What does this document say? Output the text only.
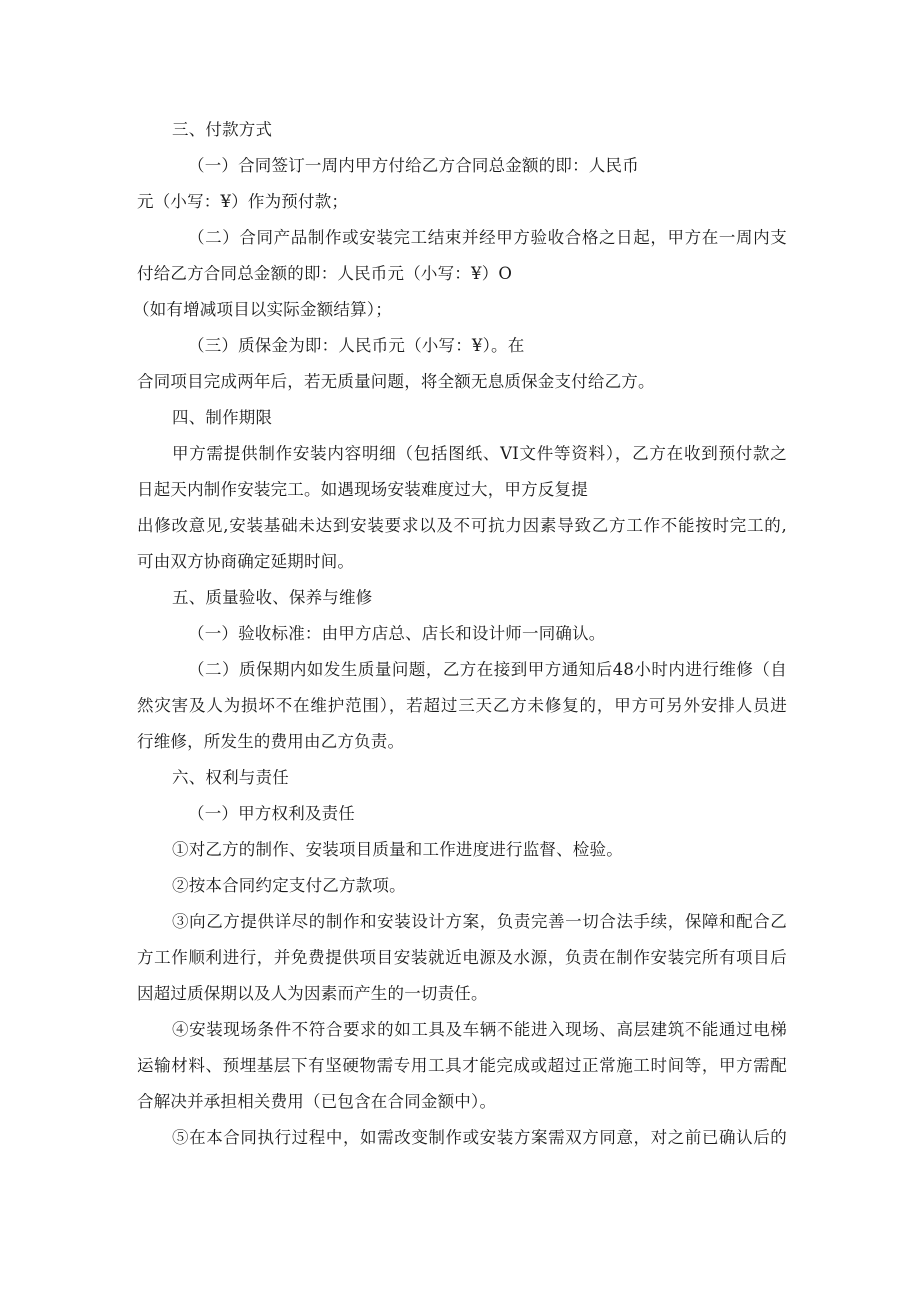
三、付款方式
（一）合同签订一周内甲方付给乙方合同总金额的即：人民币
元（小写：¥）作为预付款；
（二）合同产品制作或安装完工结束并经甲方验收合格之日起，甲方在一周内支
付给乙方合同总金额的即：人民币元（小写：¥）O
（如有增减项目以实际金额结算）；
（三）质保金为即：人民币元（小写：¥）。在
合同项目完成两年后，若无质量问题，将全额无息质保金支付给乙方。
四、制作期限
甲方需提供制作安装内容明细（包括图纸、VI文件等资料），乙方在收到预付款之
日起天内制作安装完工。如遇现场安装难度过大，甲方反复提
出修改意见,安装基础未达到安装要求以及不可抗力因素导致乙方工作不能按时完工的,
可由双方协商确定延期时间。
五、质量验收、保养与维修
（一）验收标准：由甲方店总、店长和设计师一同确认。
（二）质保期内如发生质量问题，乙方在接到甲方通知后48小时内进行维修（自
然灾害及人为损坏不在维护范围），若超过三天乙方未修复的，甲方可另外安排人员进
行维修，所发生的费用由乙方负责。
六、权利与责任
（一）甲方权利及责任
①对乙方的制作、安装项目质量和工作进度进行监督、检验。
②按本合同约定支付乙方款项。
③向乙方提供详尽的制作和安装设计方案，负责完善一切合法手续，保障和配合乙
方工作顺利进行，并免费提供项目安装就近电源及水源，负责在制作安装完所有项目后
因超过质保期以及人为因素而产生的一切责任。
④安装现场条件不符合要求的如工具及车辆不能进入现场、高层建筑不能通过电梯
运输材料、预埋基层下有坚硬物需专用工具才能完成或超过正常施工时间等，甲方需配
合解决并承担相关费用（已包含在合同金额中）。
⑤在本合同执行过程中，如需改变制作或安装方案需双方同意，对之前已确认后的
